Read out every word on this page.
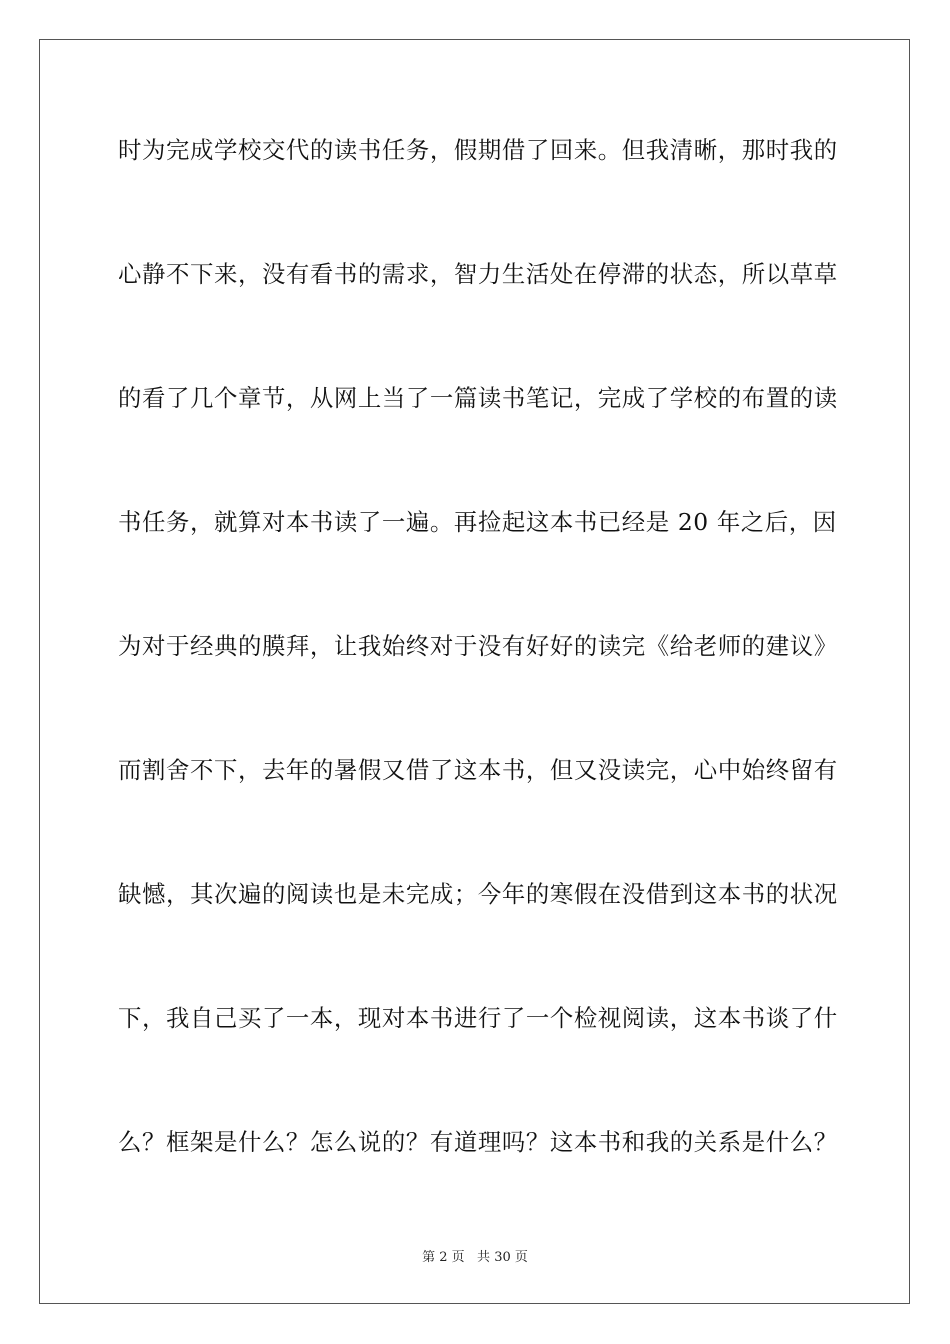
时为完成学校交代的读书任务，假期借了回来。但我清晰，那时我的

心静不下来，没有看书的需求，智力生活处在停滞的状态，所以草草

的看了几个章节，从网上当了一篇读书笔记，完成了学校的布置的读

书任务，就算对本书读了一遍。再捡起这本书已经是 20 年之后，因

为对于经典的膜拜，让我始终对于没有好好的读完《给老师的建议》

而割舍不下，去年的暑假又借了这本书，但又没读完，心中始终留有

缺憾，其次遍的阅读也是未完成；今年的寒假在没借到这本书的状况

下，我自己买了一本，现对本书进行了一个检视阅读，这本书谈了什

么？框架是什么？怎么说的？有道理吗？这本书和我的关系是什么？

第 2 页   共 30 页
